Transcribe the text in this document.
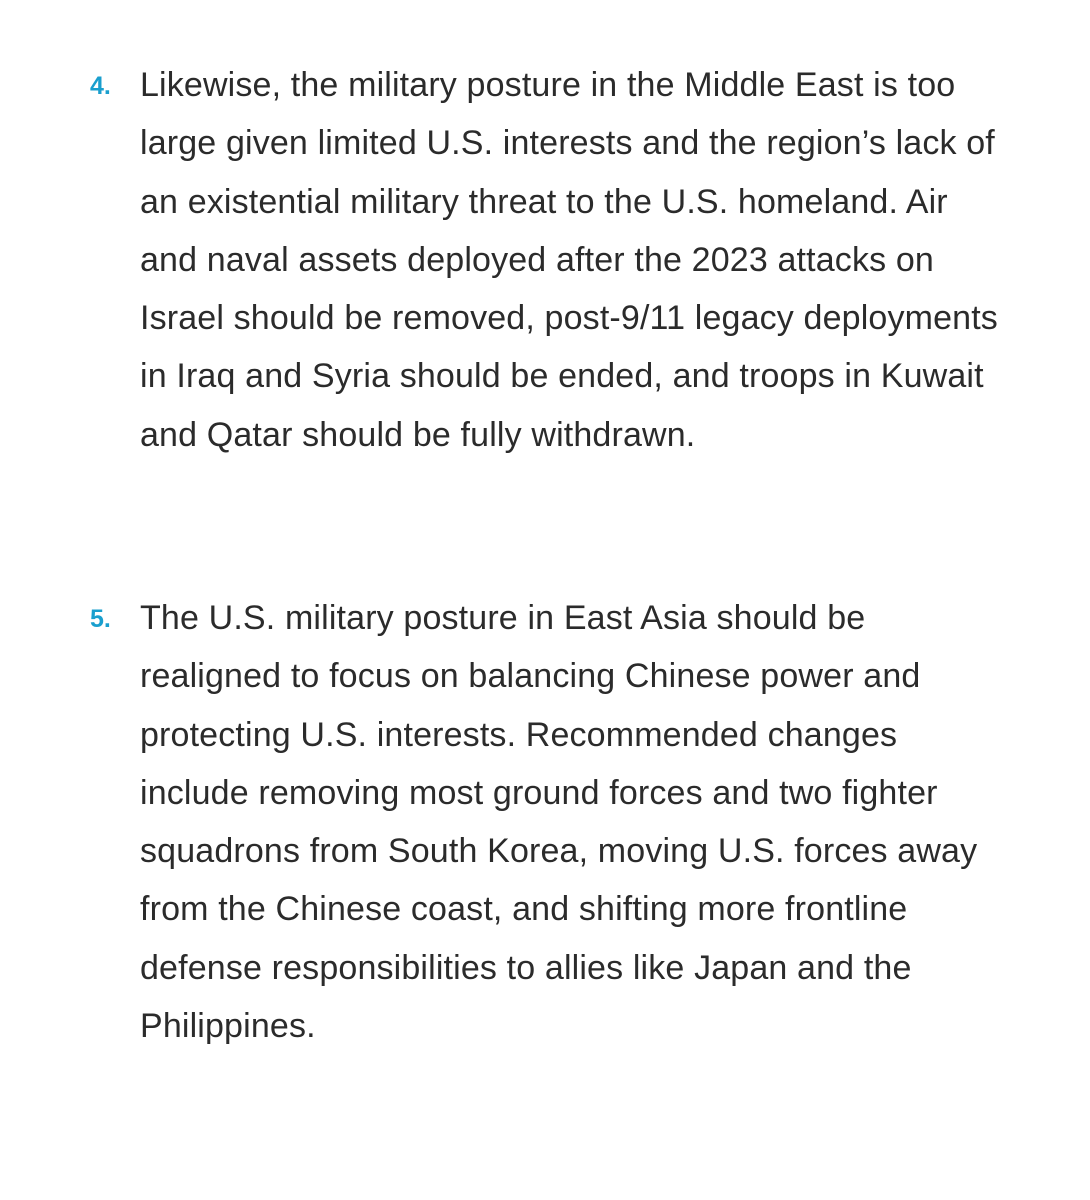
4. Likewise, the military posture in the Middle East is too large given limited U.S. interests and the region’s lack of an existential military threat to the U.S. homeland. Air and naval assets deployed after the 2023 attacks on Israel should be removed, post-9/11 legacy deployments in Iraq and Syria should be ended, and troops in Kuwait and Qatar should be fully withdrawn.

5. The U.S. military posture in East Asia should be realigned to focus on balancing Chinese power and protecting U.S. interests. Recommended changes include removing most ground forces and two fighter squadrons from South Korea, moving U.S. forces away from the Chinese coast, and shifting more frontline defense responsibilities to allies like Japan and the Philippines.
